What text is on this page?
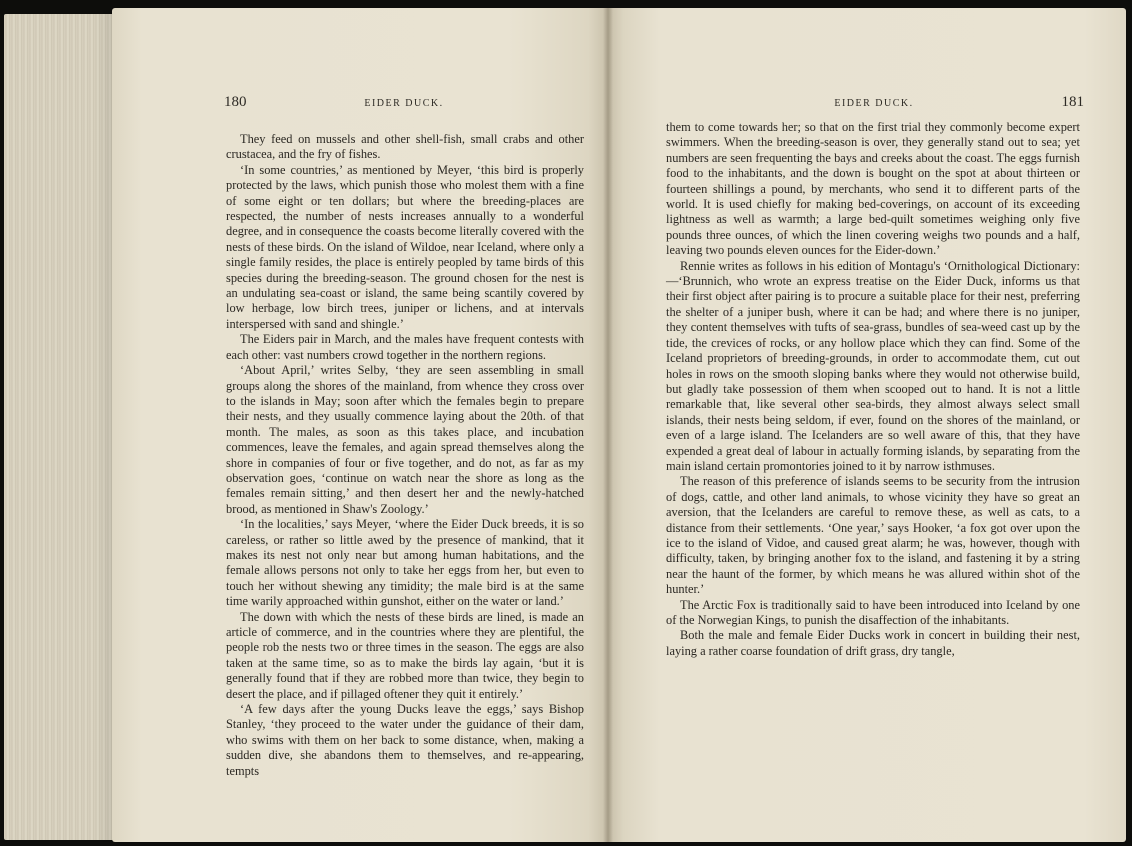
180	EIDER DUCK.

They feed on mussels and other shell-fish, small crabs and other crustacea, and the fry of fishes.

‘In some countries,’ as mentioned by Meyer, ‘this bird is properly protected by the laws, which punish those who molest them with a fine of some eight or ten dollars; but where the breeding-places are respected, the number of nests increases annually to a wonderful degree, and in consequence the coasts become literally covered with the nests of these birds. On the island of Wildoe, near Iceland, where only a single family resides, the place is entirely peopled by tame birds of this species during the breeding-season. The ground chosen for the nest is an undulating sea-coast or island, the same being scantily covered by low herbage, low birch trees, juniper or lichens, and at intervals interspersed with sand and shingle.’

The Eiders pair in March, and the males have frequent contests with each other: vast numbers crowd together in the northern regions.

‘About April,’ writes Selby, ‘they are seen assembling in small groups along the shores of the mainland, from whence they cross over to the islands in May; soon after which the females begin to prepare their nests, and they usually commence laying about the 20th. of that month. The males, as soon as this takes place, and incubation commences, leave the females, and again spread themselves along the shore in companies of four or five together, and do not, as far as my observation goes, ‘continue on watch near the shore as long as the females remain sitting,’ and then desert her and the newly-hatched brood, as mentioned in Shaw's Zoology.’

‘In the localities,’ says Meyer, ‘where the Eider Duck breeds, it is so careless, or rather so little awed by the presence of mankind, that it makes its nest not only near but among human habitations, and the female allows persons not only to take her eggs from her, but even to touch her without shewing any timidity; the male bird is at the same time warily approached within gunshot, either on the water or land.’

The down with which the nests of these birds are lined, is made an article of commerce, and in the countries where they are plentiful, the people rob the nests two or three times in the season. The eggs are also taken at the same time, so as to make the birds lay again, ‘but it is generally found that if they are robbed more than twice, they begin to desert the place, and if pillaged oftener they quit it entirely.’

‘A few days after the young Ducks leave the eggs,’ says Bishop Stanley, ‘they proceed to the water under the guidance of their dam, who swims with them on her back to some distance, when, making a sudden dive, she abandons them to themselves, and re-appearing, tempts

EIDER DUCK.	181

them to come towards her; so that on the first trial they commonly become expert swimmers. When the breeding-season is over, they generally stand out to sea; yet numbers are seen frequenting the bays and creeks about the coast. The eggs furnish food to the inhabitants, and the down is bought on the spot at about thirteen or fourteen shillings a pound, by merchants, who send it to different parts of the world. It is used chiefly for making bed-coverings, on account of its exceeding lightness as well as warmth; a large bed-quilt sometimes weighing only five pounds three ounces, of which the linen covering weighs two pounds and a half, leaving two pounds eleven ounces for the Eider-down.’

Rennie writes as follows in his edition of Montagu's ‘Ornithological Dictionary:—‘Brunnich, who wrote an express treatise on the Eider Duck, informs us that their first object after pairing is to procure a suitable place for their nest, preferring the shelter of a juniper bush, where it can be had; and where there is no juniper, they content themselves with tufts of sea-grass, bundles of sea-weed cast up by the tide, the crevices of rocks, or any hollow place which they can find. Some of the Iceland proprietors of breeding-grounds, in order to accommodate them, cut out holes in rows on the smooth sloping banks where they would not otherwise build, but gladly take possession of them when scooped out to hand. It is not a little remarkable that, like several other sea-birds, they almost always select small islands, their nests being seldom, if ever, found on the shores of the mainland, or even of a large island. The Icelanders are so well aware of this, that they have expended a great deal of labour in actually forming islands, by separating from the main island certain promontories joined to it by narrow isthmuses.

The reason of this preference of islands seems to be security from the intrusion of dogs, cattle, and other land animals, to whose vicinity they have so great an aversion, that the Icelanders are careful to remove these, as well as cats, to a distance from their settlements. ‘One year,’ says Hooker, ‘a fox got over upon the ice to the island of Vidoe, and caused great alarm; he was, however, though with difficulty, taken, by bringing another fox to the island, and fastening it by a string near the haunt of the former, by which means he was allured within shot of the hunter.’

The Arctic Fox is traditionally said to have been introduced into Iceland by one of the Norwegian Kings, to punish the disaffection of the inhabitants.

Both the male and female Eider Ducks work in concert in building their nest, laying a rather coarse foundation of drift grass, dry tangle,
